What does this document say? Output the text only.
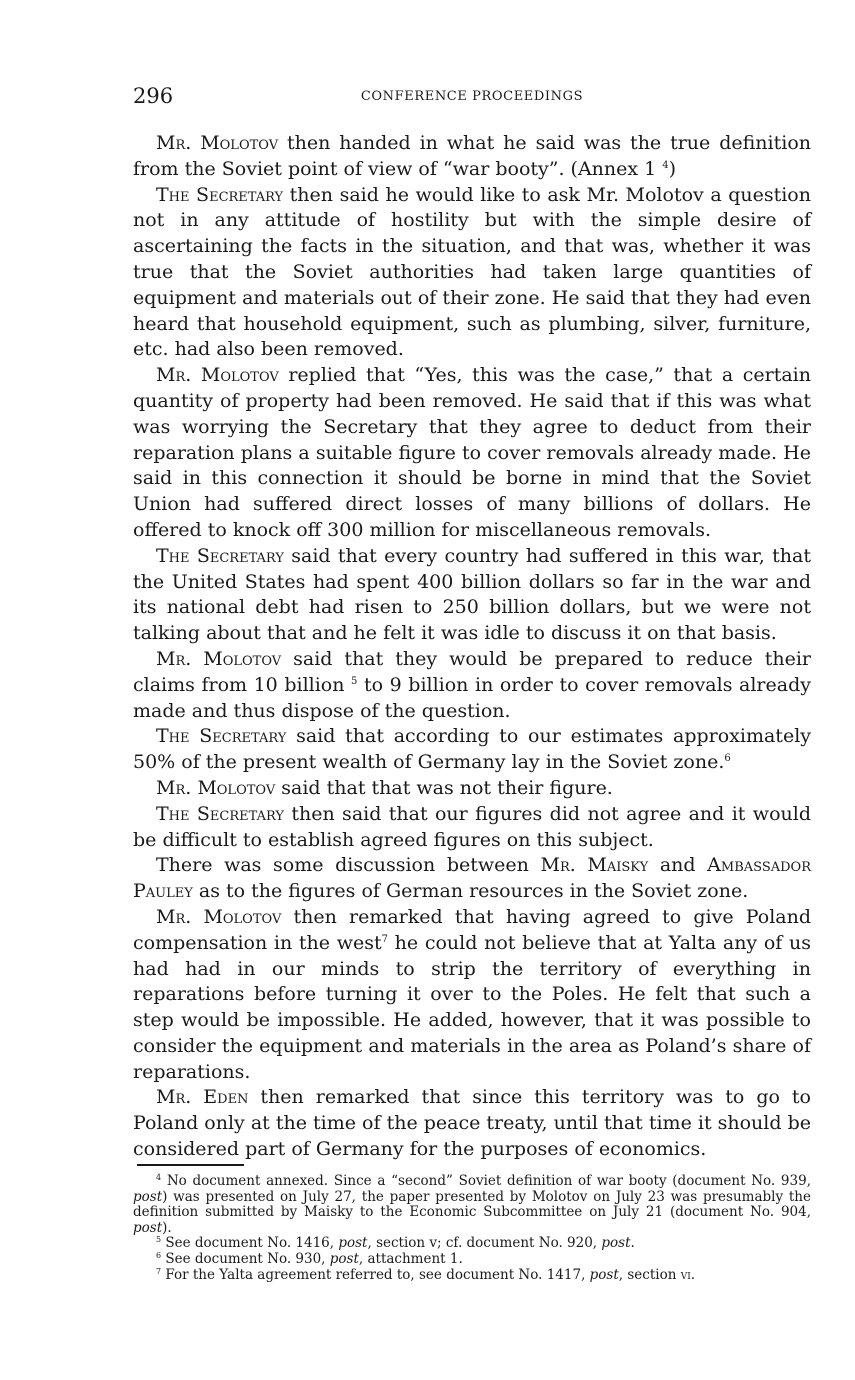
296	CONFERENCE PROCEEDINGS

Mr. Molotov then handed in what he said was the true definition from the Soviet point of view of “war booty”. (Annex 1 $^4$)

The Secretary then said he would like to ask Mr. Molotov a question not in any attitude of hostility but with the simple desire of ascertaining the facts in the situation, and that was, whether it was true that the Soviet authorities had taken large quantities of equipment and materials out of their zone. He said that they had even heard that household equipment, such as plumbing, silver, furniture, etc. had also been removed.

Mr. Molotov replied that “Yes, this was the case,” that a certain quantity of property had been removed. He said that if this was what was worrying the Secretary that they agree to deduct from their reparation plans a suitable figure to cover removals already made. He said in this connection it should be borne in mind that the Soviet Union had suffered direct losses of many billions of dollars. He offered to knock off 300 million for miscellaneous removals.

The Secretary said that every country had suffered in this war, that the United States had spent 400 billion dollars so far in the war and its national debt had risen to 250 billion dollars, but we were not talking about that and he felt it was idle to discuss it on that basis.

Mr. Molotov said that they would be prepared to reduce their claims from 10 billion $^5$ to 9 billion in order to cover removals already made and thus dispose of the question.

The Secretary said that according to our estimates approximately 50% of the present wealth of Germany lay in the Soviet zone.$^6$

Mr. Molotov said that that was not their figure.

The Secretary then said that our figures did not agree and it would be difficult to establish agreed figures on this subject.

There was some discussion between Mr. Maisky and Ambassador Pauley as to the figures of German resources in the Soviet zone.

Mr. Molotov then remarked that having agreed to give Poland compensation in the west$^7$ he could not believe that at Yalta any of us had had in our minds to strip the territory of everything in reparations before turning it over to the Poles. He felt that such a step would be impossible. He added, however, that it was possible to consider the equipment and materials in the area as Poland’s share of reparations.

Mr. Eden then remarked that since this territory was to go to Poland only at the time of the peace treaty, until that time it should be considered part of Germany for the purposes of economics.

$^4$ No document annexed. Since a “second” Soviet definition of war booty (document No. 939, post) was presented on July 27, the paper presented by Molotov on July 23 was presumably the definition submitted by Maisky to the Economic Subcommittee on July 21 (document No. 904, post).

$^5$ See document No. 1416, post, section v; cf. document No. 920, post.

$^6$ See document No. 930, post, attachment 1.

$^7$ For the Yalta agreement referred to, see document No. 1417, post, section vi.
